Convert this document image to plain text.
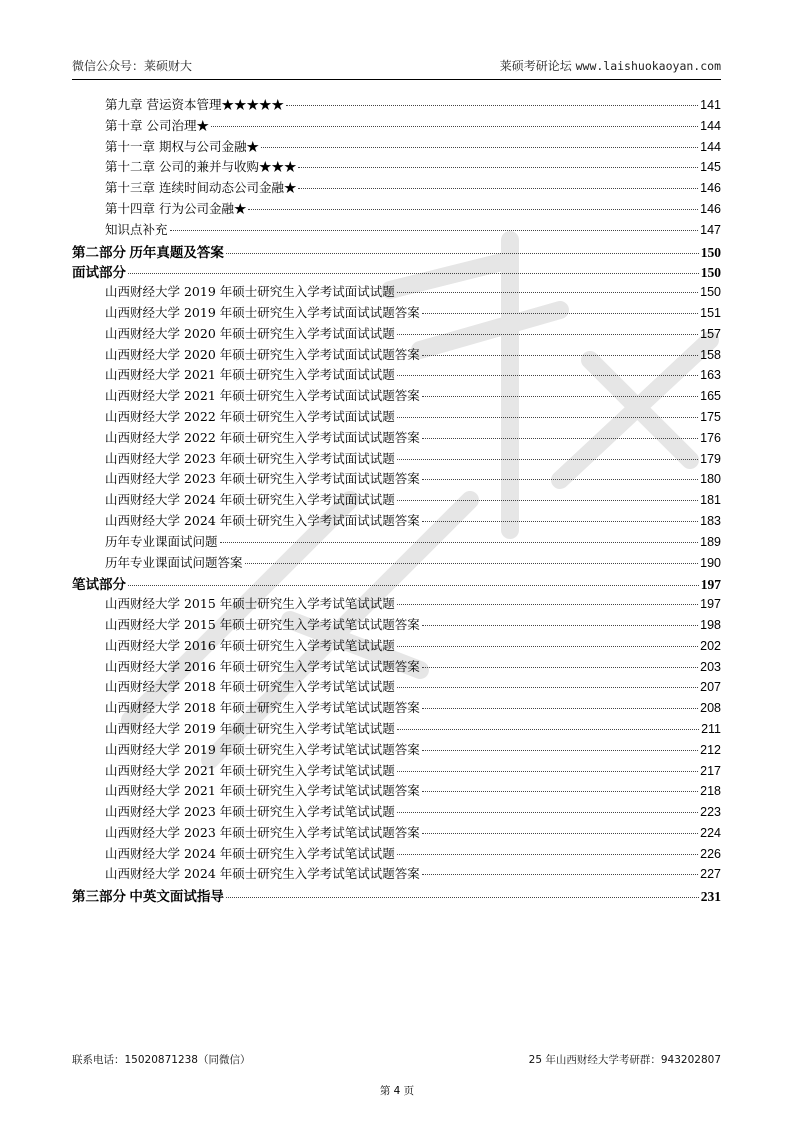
微信公众号：莱硕财大	莱硕考研论坛 www.laishuokaoyan.com
第九章 营运资本管理★★★★★	141
第十章 公司治理★	144
第十一章 期权与公司金融★	144
第十二章 公司的兼并与收购★★★	145
第十三章 连续时间动态公司金融★	146
第十四章 行为公司金融★	146
知识点补充	147
第二部分 历年真题及答案	150
面试部分	150
山西财经大学 2019 年硕士研究生入学考试面试试题	150
山西财经大学 2019 年硕士研究生入学考试面试试题答案	151
山西财经大学 2020 年硕士研究生入学考试面试试题	157
山西财经大学 2020 年硕士研究生入学考试面试试题答案	158
山西财经大学 2021 年硕士研究生入学考试面试试题	163
山西财经大学 2021 年硕士研究生入学考试面试试题答案	165
山西财经大学 2022 年硕士研究生入学考试面试试题	175
山西财经大学 2022 年硕士研究生入学考试面试试题答案	176
山西财经大学 2023 年硕士研究生入学考试面试试题	179
山西财经大学 2023 年硕士研究生入学考试面试试题答案	180
山西财经大学 2024 年硕士研究生入学考试面试试题	181
山西财经大学 2024 年硕士研究生入学考试面试试题答案	183
历年专业课面试问题	189
历年专业课面试问题答案	190
笔试部分	197
山西财经大学 2015 年硕士研究生入学考试笔试试题	197
山西财经大学 2015 年硕士研究生入学考试笔试试题答案	198
山西财经大学 2016 年硕士研究生入学考试笔试试题	202
山西财经大学 2016 年硕士研究生入学考试笔试试题答案	203
山西财经大学 2018 年硕士研究生入学考试笔试试题	207
山西财经大学 2018 年硕士研究生入学考试笔试试题答案	208
山西财经大学 2019 年硕士研究生入学考试笔试试题	211
山西财经大学 2019 年硕士研究生入学考试笔试试题答案	212
山西财经大学 2021 年硕士研究生入学考试笔试试题	217
山西财经大学 2021 年硕士研究生入学考试笔试试题答案	218
山西财经大学 2023 年硕士研究生入学考试笔试试题	223
山西财经大学 2023 年硕士研究生入学考试笔试试题答案	224
山西财经大学 2024 年硕士研究生入学考试笔试试题	226
山西财经大学 2024 年硕士研究生入学考试笔试试题答案	227
第三部分 中英文面试指导	231
联系电话：15020871238（同微信）	25 年山西财经大学考研群：943202807
第 4 页
